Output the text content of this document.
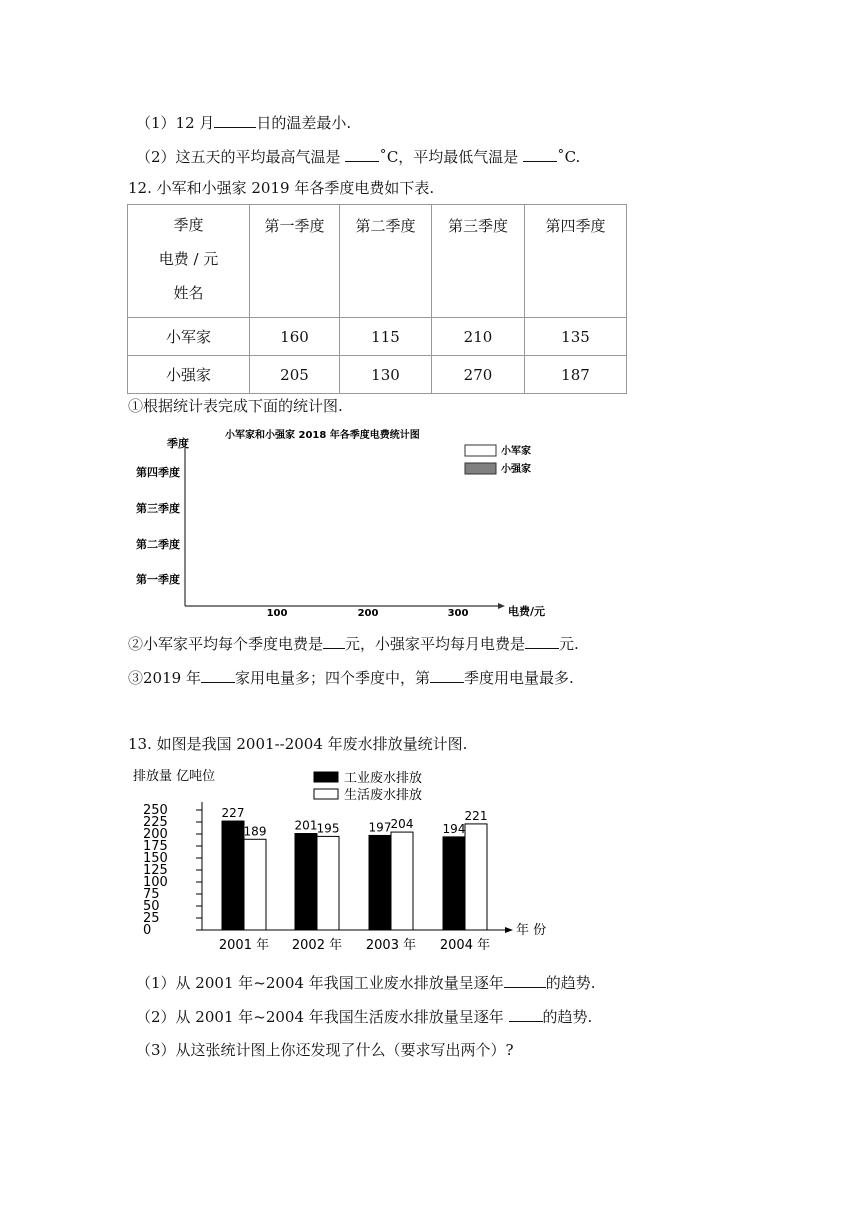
（1）12 月	日的温差最小.
（2）这五天的平均最高气温是 ˚C，平均最低气温是 ˚C.
12. 小军和小强家 2019 年各季度电费如下表.
季度
电费 / 元
姓名	第一季度	第二季度	第三季度	第四季度
小军家	160	115	210	135
小强家	205	130	270	187
①根据统计表完成下面的统计图.
小军家和小强家 2018 年各季度电费统计图
季度
第四季度
第三季度
第二季度
第一季度
100	200	300	电费/元
小军家
小强家
②小军家平均每个季度电费是 元，小强家平均每月电费是 元.
③2019 年 家用电量多；四个季度中，第 季度用电量最多.
13. 如图是我国 2001--2004 年废水排放量统计图.
排放量 亿吨位	工业废水排放
生活废水排放
0
25
50
75
100
125
150
175
200
225
250
年 份
227
189
2001 年
201 195
2002 年
197 204
2003 年
194
221
2004 年
（1）从 2001 年~2004 年我国工业废水排放量呈逐年	的趋势.
（2）从 2001 年~2004 年我国生活废水排放量呈逐年 的趋势.
（3）从这张统计图上你还发现了什么（要求写出两个）?
